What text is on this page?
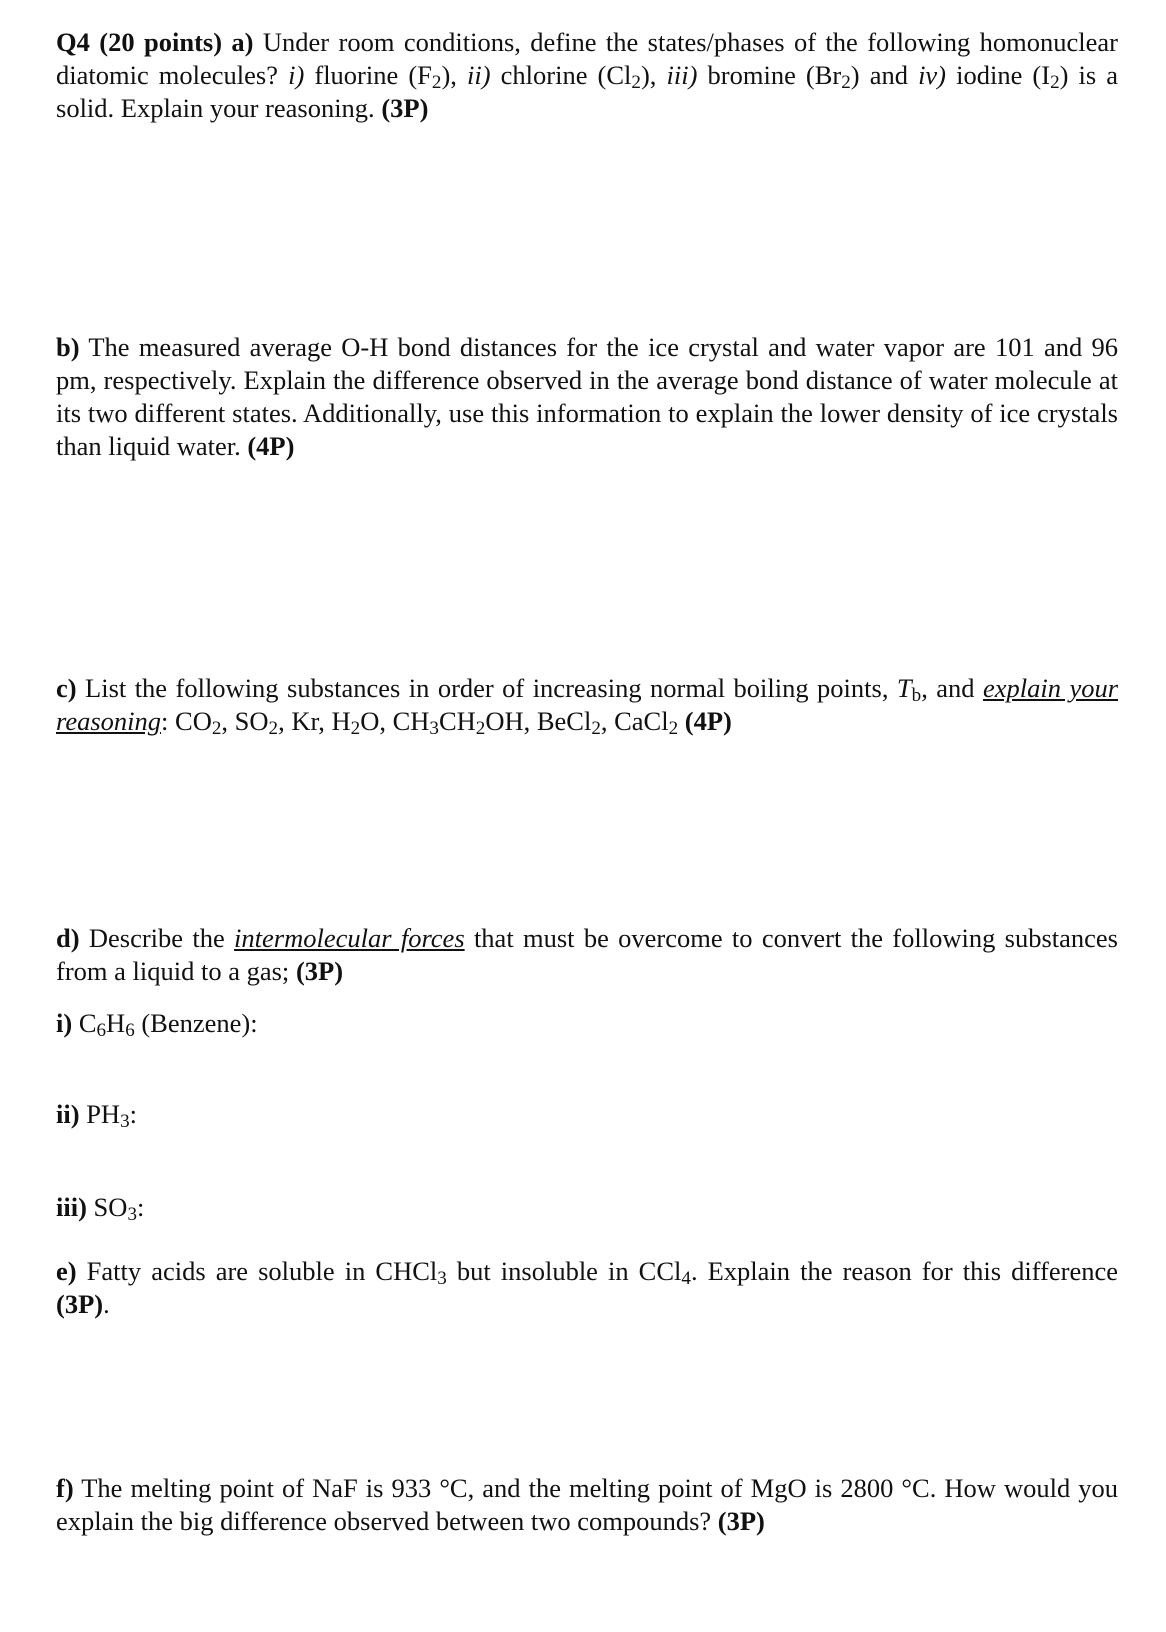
Q4 (20 points) a) Under room conditions, define the states/phases of the following homonuclear diatomic molecules? i) fluorine $(F_2)$, ii) chlorine $(Cl_2)$, iii) bromine $(Br_2)$ and iv) iodine $(I_2)$ is a solid. Explain your reasoning. (3P)

b) The measured average O-H bond distances for the ice crystal and water vapor are 101 and 96 pm, respectively. Explain the difference observed in the average bond distance of water molecule at its two different states. Additionally, use this information to explain the lower density of ice crystals than liquid water. (4P)

c) List the following substances in order of increasing normal boiling points, $T_b$, and explain your reasoning: $CO_2$, $SO_2$, Kr, $H_2O$, $CH_3CH_2OH$, BeCl$_2$, CaCl$_2$ (4P)

d) Describe the intermolecular forces that must be overcome to convert the following substances from a liquid to a gas; (3P)

i) $C_6H_6$ (Benzene):

ii) $PH_3$:

iii) $SO_3$:

e) Fatty acids are soluble in CHCl$_3$ but insoluble in CCl$_4$. Explain the reason for this difference (3P).

f) The melting point of NaF is 933 °C, and the melting point of MgO is 2800 °C. How would you explain the big difference observed between two compounds? (3P)
